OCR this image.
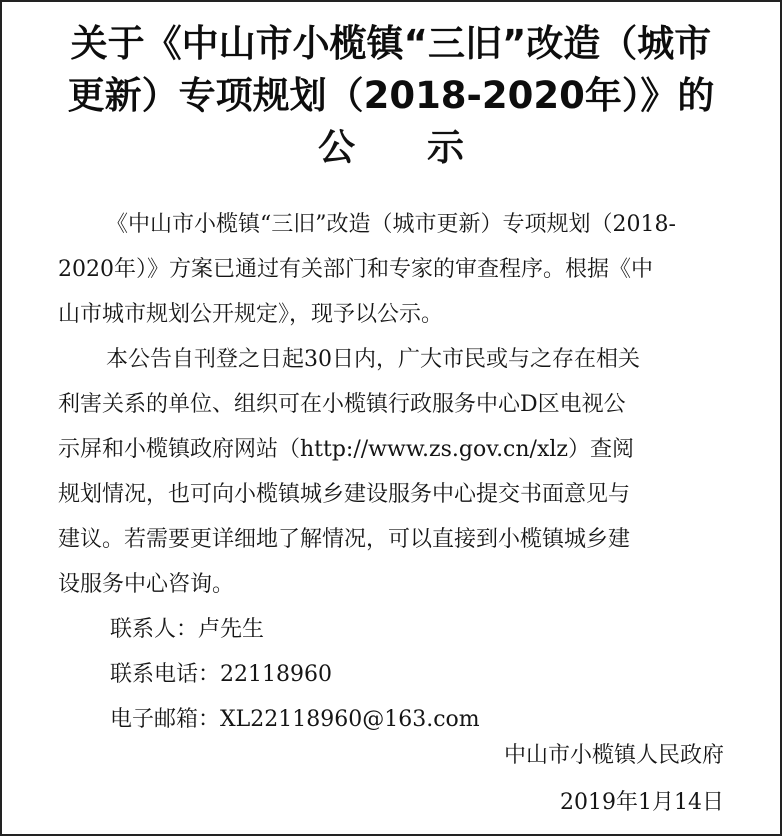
关于《中山市小榄镇“三旧”改造（城市
更新）专项规划（2018-2020年）》的
公 示
《中山市小榄镇“三旧”改造（城市更新）专项规划（2018-
2020年）》方案已通过有关部门和专家的审查程序。根据《中
山市城市规划公开规定》，现予以公示。
本公告自刊登之日起30日内，广大市民或与之存在相关
利害关系的单位、组织可在小榄镇行政服务中心D区电视公
示屏和小榄镇政府网站（http://www.zs.gov.cn/xlz）查阅
规划情况，也可向小榄镇城乡建设服务中心提交书面意见与
建议。若需要更详细地了解情况，可以直接到小榄镇城乡建
设服务中心咨询。
联系人：卢先生
联系电话：22118960
电子邮箱：XL22118960@163.com
中山市小榄镇人民政府
2019年1月14日
